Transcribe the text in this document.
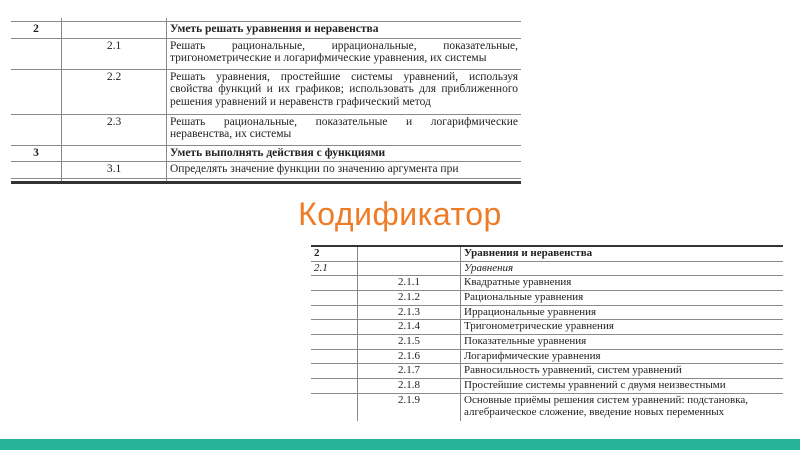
2		Уметь решать уравнения и неравенства
	2.1	Решать рациональные, иррациональные, показательные, тригонометрические и логарифмические уравнения, их системы
	2.2	Решать уравнения, простейшие системы уравнений, используя свойства функций и их графиков; использовать для приближенного решения уравнений и неравенств графический метод
	2.3	Решать рациональные, показательные и логарифмические неравенства, их системы
3		Уметь выполнять действия с функциями
	3.1	Определять значение функции по значению аргумента при

Кодификатор
2		Уравнения и неравенства
2.1		Уравнения
	2.1.1	Квадратные уравнения
	2.1.2	Рациональные уравнения
	2.1.3	Иррациональные уравнения
	2.1.4	Тригонометрические уравнения
	2.1.5	Показательные уравнения
	2.1.6	Логарифмические уравнения
	2.1.7	Равносильность уравнений, систем уравнений
	2.1.8	Простейшие системы уравнений с двумя неизвестными
	2.1.9	Основные приёмы решения систем уравнений: подстановка, алгебраическое сложение, введение новых переменных
